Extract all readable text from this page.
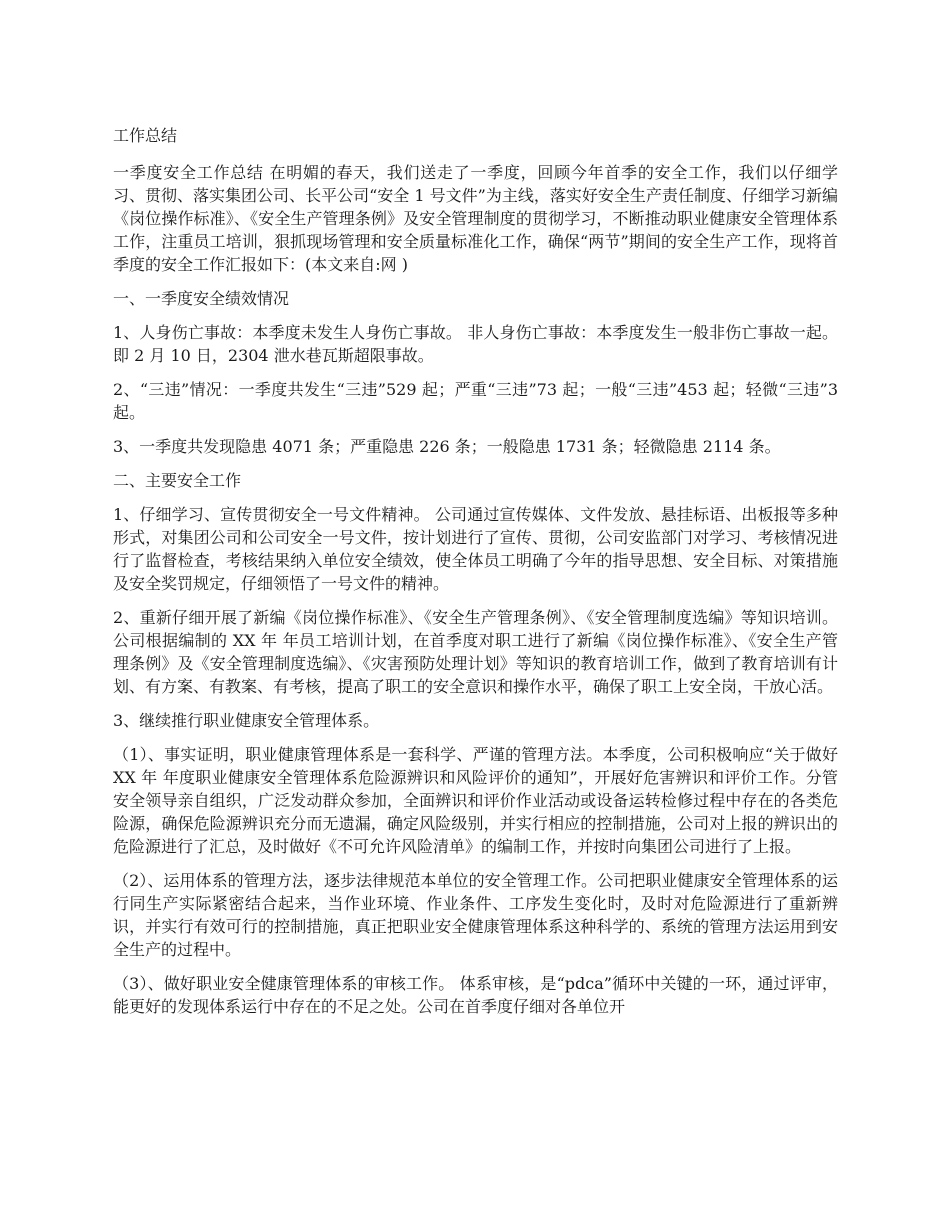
工作总结

一季度安全工作总结 在明媚的春天，我们送走了一季度，回顾今年首季的安全工作，我们以仔细学习、贯彻、落实集团公司、长平公司“安全 1 号文件”为主线，落实好安全生产责任制度、仔细学习新编《岗位操作标准》、《安全生产管理条例》及安全管理制度的贯彻学习，不断推动职业健康安全管理体系工作，注重员工培训，狠抓现场管理和安全质量标准化工作，确保“两节”期间的安全生产工作，现将首季度的安全工作汇报如下：(本文来自:网 )

一、一季度安全绩效情况

1、人身伤亡事故：本季度未发生人身伤亡事故。 非人身伤亡事故：本季度发生一般非伤亡事故一起。即 2 月 10 日，2304 泄水巷瓦斯超限事故。

2、“三违”情况：一季度共发生“三违”529 起；严重“三违”73 起；一般“三违”453 起；轻微“三违”3 起。

3、一季度共发现隐患 4071 条；严重隐患 226 条；一般隐患 1731 条；轻微隐患 2114 条。

二、主要安全工作

1、仔细学习、宣传贯彻安全一号文件精神。 公司通过宣传媒体、文件发放、悬挂标语、出板报等多种形式，对集团公司和公司安全一号文件，按计划进行了宣传、贯彻，公司安监部门对学习、考核情况进行了监督检查，考核结果纳入单位安全绩效，使全体员工明确了今年的指导思想、安全目标、对策措施及安全奖罚规定，仔细领悟了一号文件的精神。

2、重新仔细开展了新编《岗位操作标准》、《安全生产管理条例》、《安全管理制度选编》等知识培训。 公司根据编制的 XX 年 年员工培训计划，在首季度对职工进行了新编《岗位操作标准》、《安全生产管理条例》及《安全管理制度选编》、《灾害预防处理计划》等知识的教育培训工作，做到了教育培训有计划、有方案、有教案、有考核，提高了职工的安全意识和操作水平，确保了职工上安全岗，干放心活。

3、继续推行职业健康安全管理体系。

（1）、事实证明，职业健康管理体系是一套科学、严谨的管理方法。本季度，公司积极响应“关于做好 XX 年 年度职业健康安全管理体系危险源辨识和风险评价的通知”，开展好危害辨识和评价工作。分管安全领导亲自组织，广泛发动群众参加，全面辨识和评价作业活动或设备运转检修过程中存在的各类危险源，确保危险源辨识充分而无遗漏，确定风险级别，并实行相应的控制措施，公司对上报的辨识出的危险源进行了汇总，及时做好《不可允许风险清单》的编制工作，并按时向集团公司进行了上报。

（2）、运用体系的管理方法，逐步法律规范本单位的安全管理工作。公司把职业健康安全管理体系的运行同生产实际紧密结合起来，当作业环境、作业条件、工序发生变化时，及时对危险源进行了重新辨识，并实行有效可行的控制措施，真正把职业安全健康管理体系这种科学的、系统的管理方法运用到安全生产的过程中。

（3）、做好职业安全健康管理体系的审核工作。 体系审核，是“pdca”循环中关键的一环，通过评审，能更好的发现体系运行中存在的不足之处。公司在首季度仔细对各单位开
